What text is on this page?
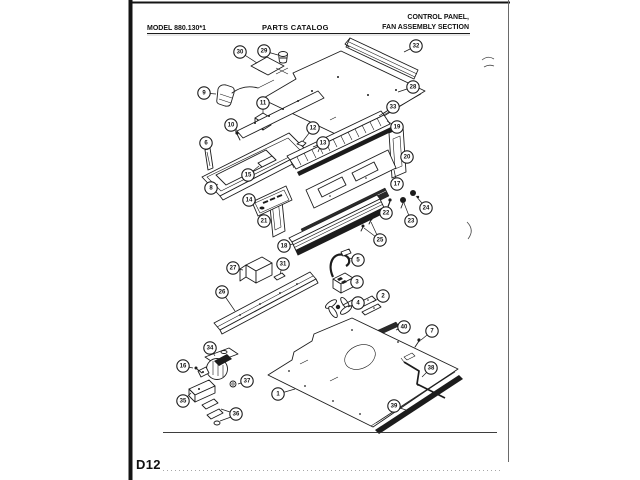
MODEL 880.130*1	PARTS CATALOG
CONTROL PANEL,
FAN ASSEMBLY SECTION
30	29
32
9
28
11
33
10	12	19
6	13
20
15
8
17
14
24
22
23
21
25
18
27
31
5
3
26
2
4
40
7
34
16	38
37
1
35
39
36
D12
